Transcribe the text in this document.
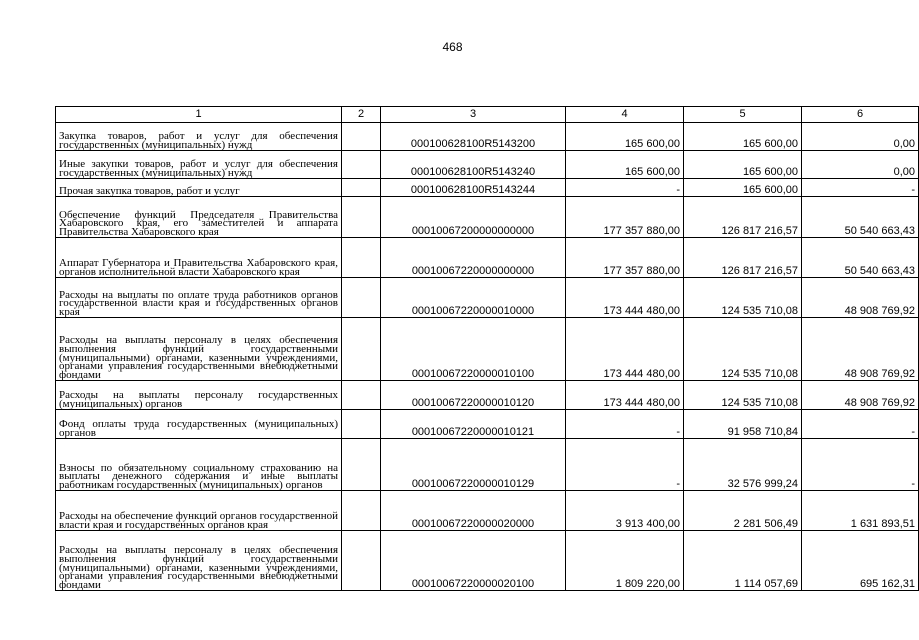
468
1	2	3	4	5	6
Закупка товаров, работ и услуг для обеспечения государственных (муниципальных) нужд		000100628100R5143200	165 600,00	165 600,00	0,00
Иные закупки товаров, работ и услуг для обеспечения государственных (муниципальных) нужд		000100628100R5143240	165 600,00	165 600,00	0,00
Прочая закупка товаров, работ и услуг		000100628100R5143244	-	165 600,00	-
Обеспечение функций Председателя Правительства Хабаровского края, его заместителей и аппарата Правительства Хабаровского края		00010067200000000000	177 357 880,00	126 817 216,57	50 540 663,43
Аппарат Губернатора и Правительства Хабаровского края, органов исполнительной власти Хабаровского края		00010067220000000000	177 357 880,00	126 817 216,57	50 540 663,43
Расходы на выплаты по оплате труда работников органов государственной власти края и государственных органов края		00010067220000010000	173 444 480,00	124 535 710,08	48 908 769,92
Расходы на выплаты персоналу в целях обеспечения выполнения функций государственными (муниципальными) органами, казенными учреждениями, органами управления государственными внебюджетными фондами		00010067220000010100	173 444 480,00	124 535 710,08	48 908 769,92
Расходы на выплаты персоналу государственных (муниципальных) органов		00010067220000010120	173 444 480,00	124 535 710,08	48 908 769,92
Фонд оплаты труда государственных (муниципальных) органов		00010067220000010121	-	91 958 710,84	-
Взносы по обязательному социальному страхованию на выплаты денежного содержания и иные выплаты работникам государственных (муниципальных) органов		00010067220000010129	-	32 576 999,24	-
Расходы на обеспечение функций органов государственной власти края и государственных органов края		00010067220000020000	3 913 400,00	2 281 506,49	1 631 893,51
Расходы на выплаты персоналу в целях обеспечения выполнения функций государственными (муниципальными) органами, казенными учреждениями, органами управления государственными внебюджетными фондами		00010067220000020100	1 809 220,00	1 114 057,69	695 162,31
